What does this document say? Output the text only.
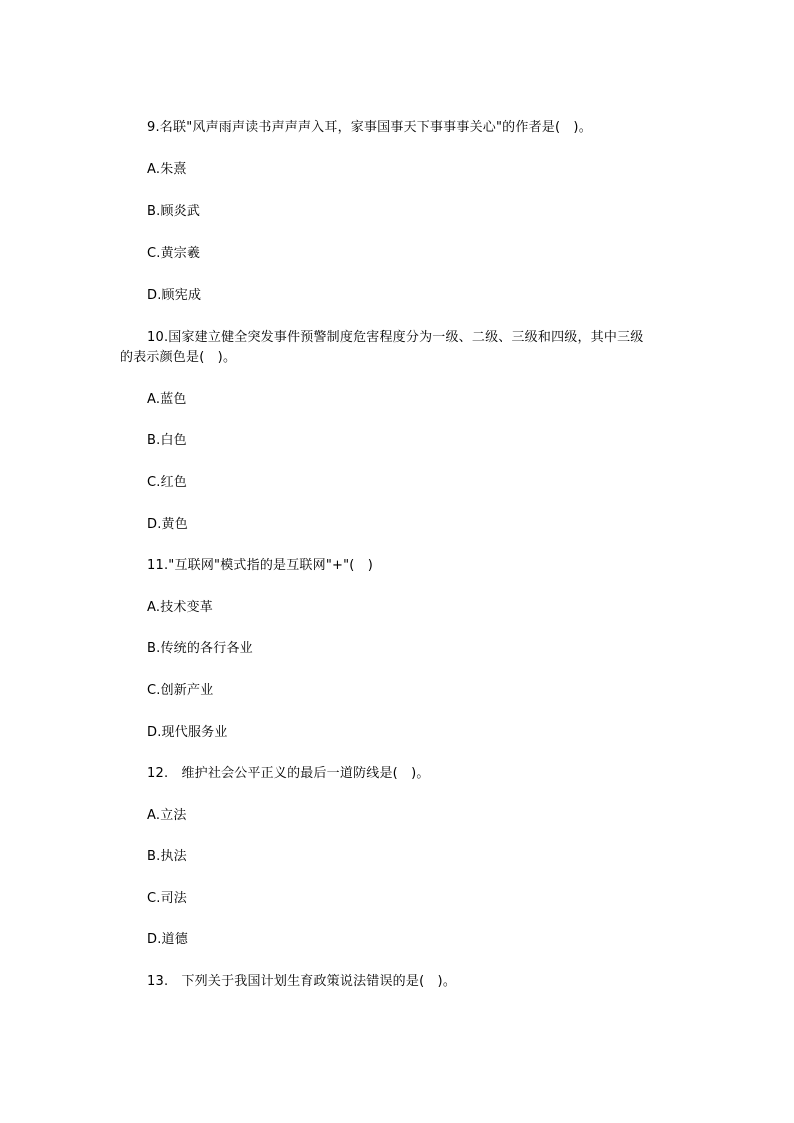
9.名联"风声雨声读书声声声入耳，家事国事天下事事事关心"的作者是(　)。
A.朱熹
B.顾炎武
C.黄宗羲
D.顾宪成
10.国家建立健全突发事件预警制度危害程度分为一级、二级、三级和四级，其中三级
的表示颜色是(　)。
A.蓝色
B.白色
C.红色
D.黄色
11."互联网"模式指的是互联网"+"(　)
A.技术变革
B.传统的各行各业
C.创新产业
D.现代服务业
12.　维护社会公平正义的最后一道防线是(　)。
A.立法
B.执法
C.司法
D.道德
13.　下列关于我国计划生育政策说法错误的是(　)。
